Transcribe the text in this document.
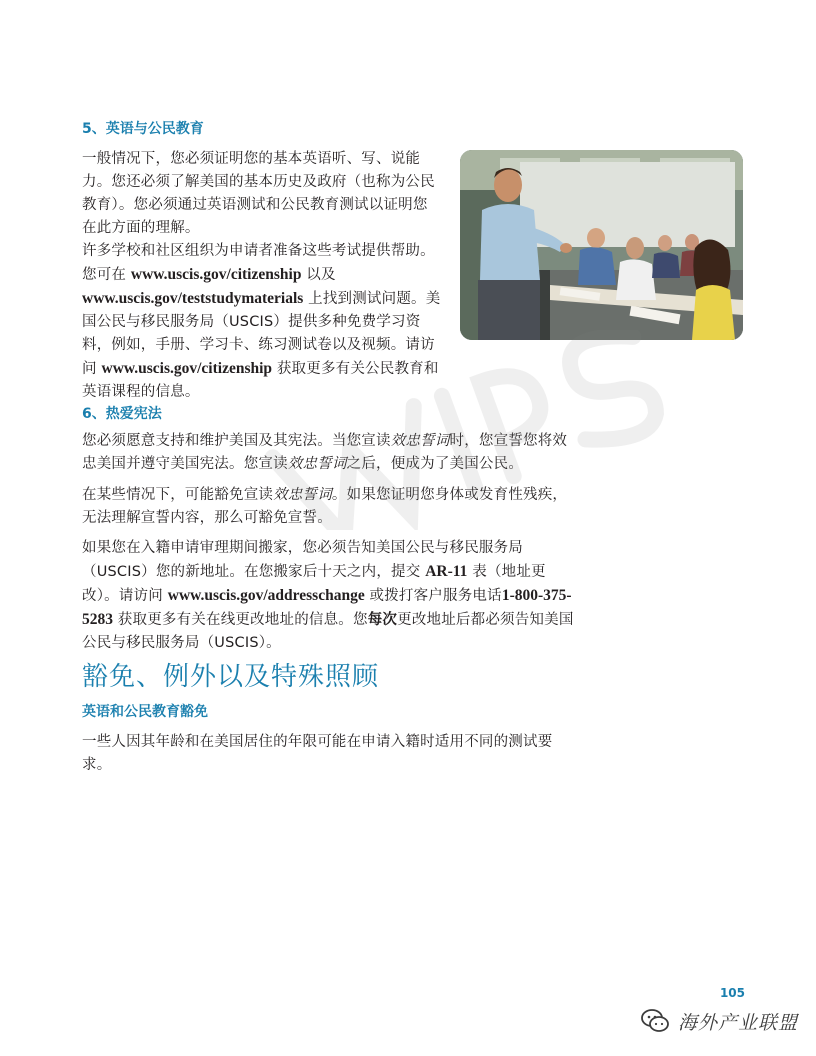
5、英语与公民教育

一般情况下，您必须证明您的基本英语听、写、说能力。您还必须了解美国的基本历史及政府（也称为公民教育）。您必须通过英语测试和公民教育测试以证明您在此方面的理解。

许多学校和社区组织为申请者准备这些考试提供帮助。您可在 www.uscis.gov/citizenship 以及www.uscis.gov/teststudymaterials 上找到测试问题。美国公民与移民服务局（USCIS）提供多种免费学习资料，例如，手册、学习卡、练习测试卷以及视频。请访问 www.uscis.gov/citizenship 获取更多有关公民教育和英语课程的信息。

6、热爱宪法

您必须愿意支持和维护美国及其宪法。当您宣读效忠誓词时，您宣誓您将效忠美国并遵守美国宪法。您宣读效忠誓词之后，便成为了美国公民。

在某些情况下，可能豁免宣读效忠誓词。如果您证明您身体或发育性残疾，无法理解宣誓内容，那么可豁免宣誓。

如果您在入籍申请审理期间搬家，您必须告知美国公民与移民服务局（USCIS）您的新地址。在您搬家后十天之内，提交 AR-11 表（地址更改）。请访问 www.uscis.gov/addresschange 或拨打客户服务电话1-800-375-5283 获取更多有关在线更改地址的信息。您每次更改地址后都必须告知美国公民与移民服务局（USCIS）。

豁免、例外以及特殊照顾
英语和公民教育豁免

一些人因其年龄和在美国居住的年限可能在申请入籍时适用不同的测试要求。

105
海外产业联盟
